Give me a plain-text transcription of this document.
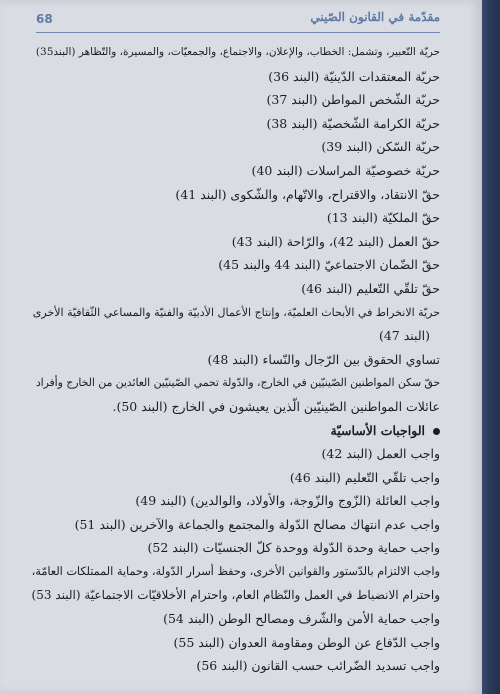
68	مقدّمة في القانون الصّيني
حريّة التّعبير، وتشمل: الخطاب، والإعلان، والاجتماع، والجمعيّات، والمسيرة، والتّظاهر (البند35)
حريّة المعتقدات الدّينيّة (البند 36)
حريّة الشّخص المواطن (البند 37)
حريّة الكرامة الشّخصيّة (البند 38)
حريّة السّكن (البند 39)
حريّة خصوصيّة المراسلات (البند 40)
حقّ الانتقاد، والاقتراح، والاتّهام، والشّكوى (البند 41)
حقّ الملكيّة (البند 13)
حقّ العمل (البند 42)، والرّاحة (البند 43)
حقّ الضّمان الاجتماعيّ (البند 44 والبند 45)
حقّ تلقّي التّعليم (البند 46)
حريّة الانخراط في الأبحاث العلميّة، وإنتاج الأعمال الأدبيّة والفنيّة والمساعي الثّقافيّة الأخرى
(البند 47)
تساوي الحقوق بين الرّجال والنّساء (البند 48)
حقّ سكن المواطنين الصّينيّين في الخارج، والدّولة تحمي الصّينيّين العائدين من الخارج وأفراد
عائلات المواطنين الصّينيّين الّذين يعيشون في الخارج (البند 50).
الواجبات الأساسيّة
واجب العمل (البند 42)
واجب تلقّي التّعليم (البند 46)
واجب العائلة (الزّوج والزّوجة، والأولاد، والوالدين) (البند 49)
واجب عدم انتهاك مصالح الدّولة والمجتمع والجماعة والآخرين (البند 51)
واجب حماية وحدة الدّولة ووحدة كلّ الجنسيّات (البند 52)
واجب الالتزام بالدّستور والقوانين الأخرى، وحفظ أسرار الدّولة، وحماية الممتلكات العامّة،
واحترام الانضباط في العمل والنّظام العام، واحترام الأخلاقيّات الاجتماعيّة (البند 53)
واجب حماية الأمن والشّرف ومصالح الوطن (البند 54)
واجب الدّفاع عن الوطن ومقاومة العدوان (البند 55)
واجب تسديد الضّرائب حسب القانون (البند 56)
